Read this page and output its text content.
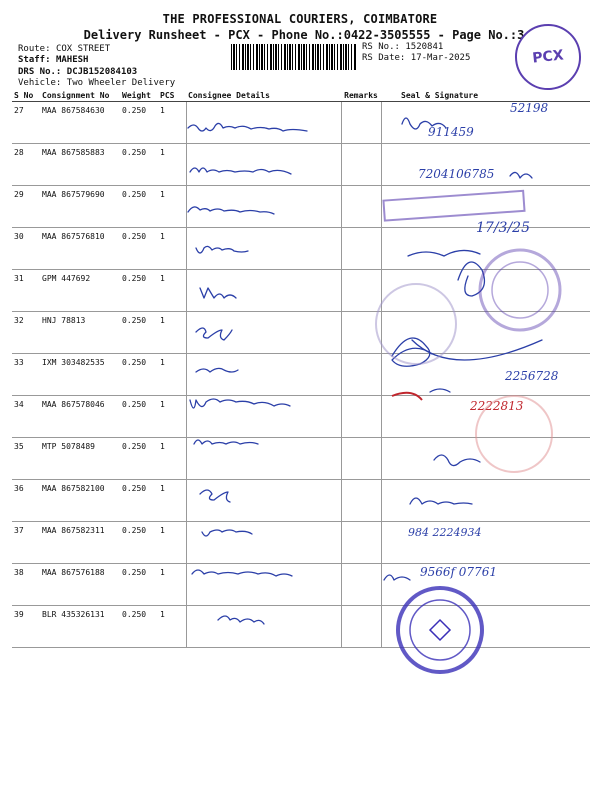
THE PROFESSIONAL COURIERS, COIMBATORE
Delivery Runsheet - PCX - Phone No.:0422-3505555 - Page No.:3
Route: COX STREET
Staff: MAHESH
DRS No.: DCJB152084103
Vehicle: Two Wheeler Delivery
RS No.: 1520841
RS Date: 17-Mar-2025	PCX
S No	Consignment No	Weight	PCS	Consignee Details	Remarks	Seal & Signature
27	MAA 867584630	0.250	1			
28	MAA 867585883	0.250	1			
29	MAA 867579690	0.250	1			
30	MAA 867576810	0.250	1			
31	GPM 447692	0.250	1			
32	HNJ 78813	0.250	1			
33	IXM 303482535	0.250	1			
34	MAA 867578046	0.250	1			
35	MTP 5078489	0.250	1			
36	MAA 867582100	0.250	1			
37	MAA 867582311	0.250	1			
38	MAA 867576188	0.250	1			
39	BLR 435326131	0.250	1			
52198
911459
7204106785
17/3/25
2256728
2222813
984 2224934
9566f 07761
